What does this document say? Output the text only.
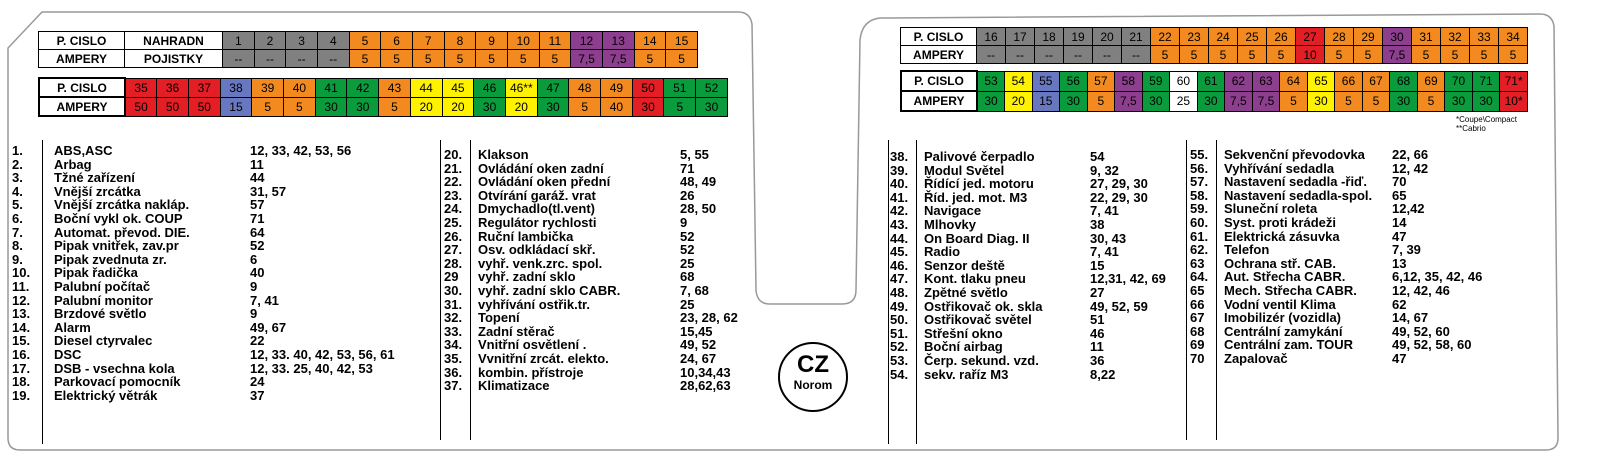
P. CISLO	NAHRADN	1	2	3	4	5	6	7	8	9	10	11	12	13	14	15
AMPERY	POJISTKY	--	--	--	--	5	5	5	5	5	5	5	7,5	7,5	5	5
P. CISLO	35	36	37	38	39	40	41	42	43	44	45	46	46**	47	48	49	50	51	52
AMPERY	50	50	50	15	5	5	30	30	5	20	20	30	20	30	5	40	30	5	30
P. CISLO	16	17	18	19	20	21	22	23	24	25	26	27	28	29	30	31	32	33	34
AMPERY	--	--	--	--	--	--	5	5	5	5	5	10	5	5	7,5	5	5	5	5
P. CISLO	53	54	55	56	57	58	59	60	61	62	63	64	65	66	67	68	69	70	71	71*
AMPERY	30	20	15	30	5	7,5	30	25	30	7,5	7,5	5	30	5	5	30	5	30	30	10*
*Coupe\Compact
**Cabrio
1. ABS,ASC	12, 33, 42, 53, 56
2. Arbag	11
3. Tžné zařízení	44
4. Vnější zrcátka	31, 57
5. Vnější zrcátka nakláp.	57
6. Boční vykl ok. COUP	71
7. Automat. převod. DIE.	64
8. Pipak vnitřek, zav.pr	52
9. Pipak zvednuta zr.	6
10. Pipak řadička	40
11. Palubní počítač	9
12. Palubní monitor	7, 41
13. Brzdové světlo	9
14. Alarm	49, 67
15. Diesel ctyrvalec	22
16. DSC	12, 33. 40, 42, 53, 56, 61
17. DSB - vsechna kola	12, 33. 25, 40, 42, 53
18. Parkovací pomocník	24
19. Elektrický větrák	37
20. Klakson	5, 55
21. Ovládání oken zadní	71
22. Ovládání oken přední	48, 49
23. Otvírání garáž. vrat	26
24. Dmychadlo(tl.vent)	28, 50
25. Regulátor rychlosti	9
26. Ruční lambička	52
27. Osv. odkládací skř.	52
28. vyhř. venk.zrc. spol.	25
29 vyhř. zadní sklo	68
30. vyhř. zadní sklo CABR.	7, 68
31. vyhřívání ostřik.tr.	25
32. Topení	23, 28, 62
33. Zadní stěrač	15,45
34. Vnitřní osvětlení .	49, 52
35. Vvnitřní zrcát. elekto.	24, 67
36. kombin. přístroje	10,34,43
37. Klimatizace	28,62,63
38. Palivové čerpadlo	54
39. Modul Světel	9, 32
40. Řídící jed. motoru	27, 29, 30
41. Říd. jed. mot. M3	22, 29, 30
42. Navigace	7, 41
43. Mlhovky	38
44. On Board Diag. II	30, 43
45. Radio	7, 41
46. Senzor deště	15
47. Kont. tlaku pneu	12,31, 42, 69
48. Zpětné světlo	27
49. Ostřikovač ok. skla	49, 52, 59
50. Ostřikovač světel	51
51. Střešní okno	46
52. Boční airbag	11
53. Čerp. sekund. vzd.	36
54. sekv. raříz M3	8,22
55. Sekvenční převodovka 22, 66
56. Vyhřívání sedadla	12, 42
57. Nastavení sedadla -řiď. 70
58. Nastavení sedadla-spol. 65
59. Sluneční roleta	12,42
60. Syst. proti krádeži	14
61. Elektrická zásuvka	47
62. Telefon	7, 39
63 Ochrana stř. CAB.	13
64. Aut. Střecha CABR.	6,12, 35, 42, 46
65 Mech. Střecha CABR.	12, 42, 46
66 Vodní ventil Klima	62
67 Imobilizér (vozidla)	14, 67
68 Centrální zamykání	49, 52, 60
69 Centrální zam. TOUR	49, 52, 58, 60
70 Zapalovač	47
CZ
Norom
